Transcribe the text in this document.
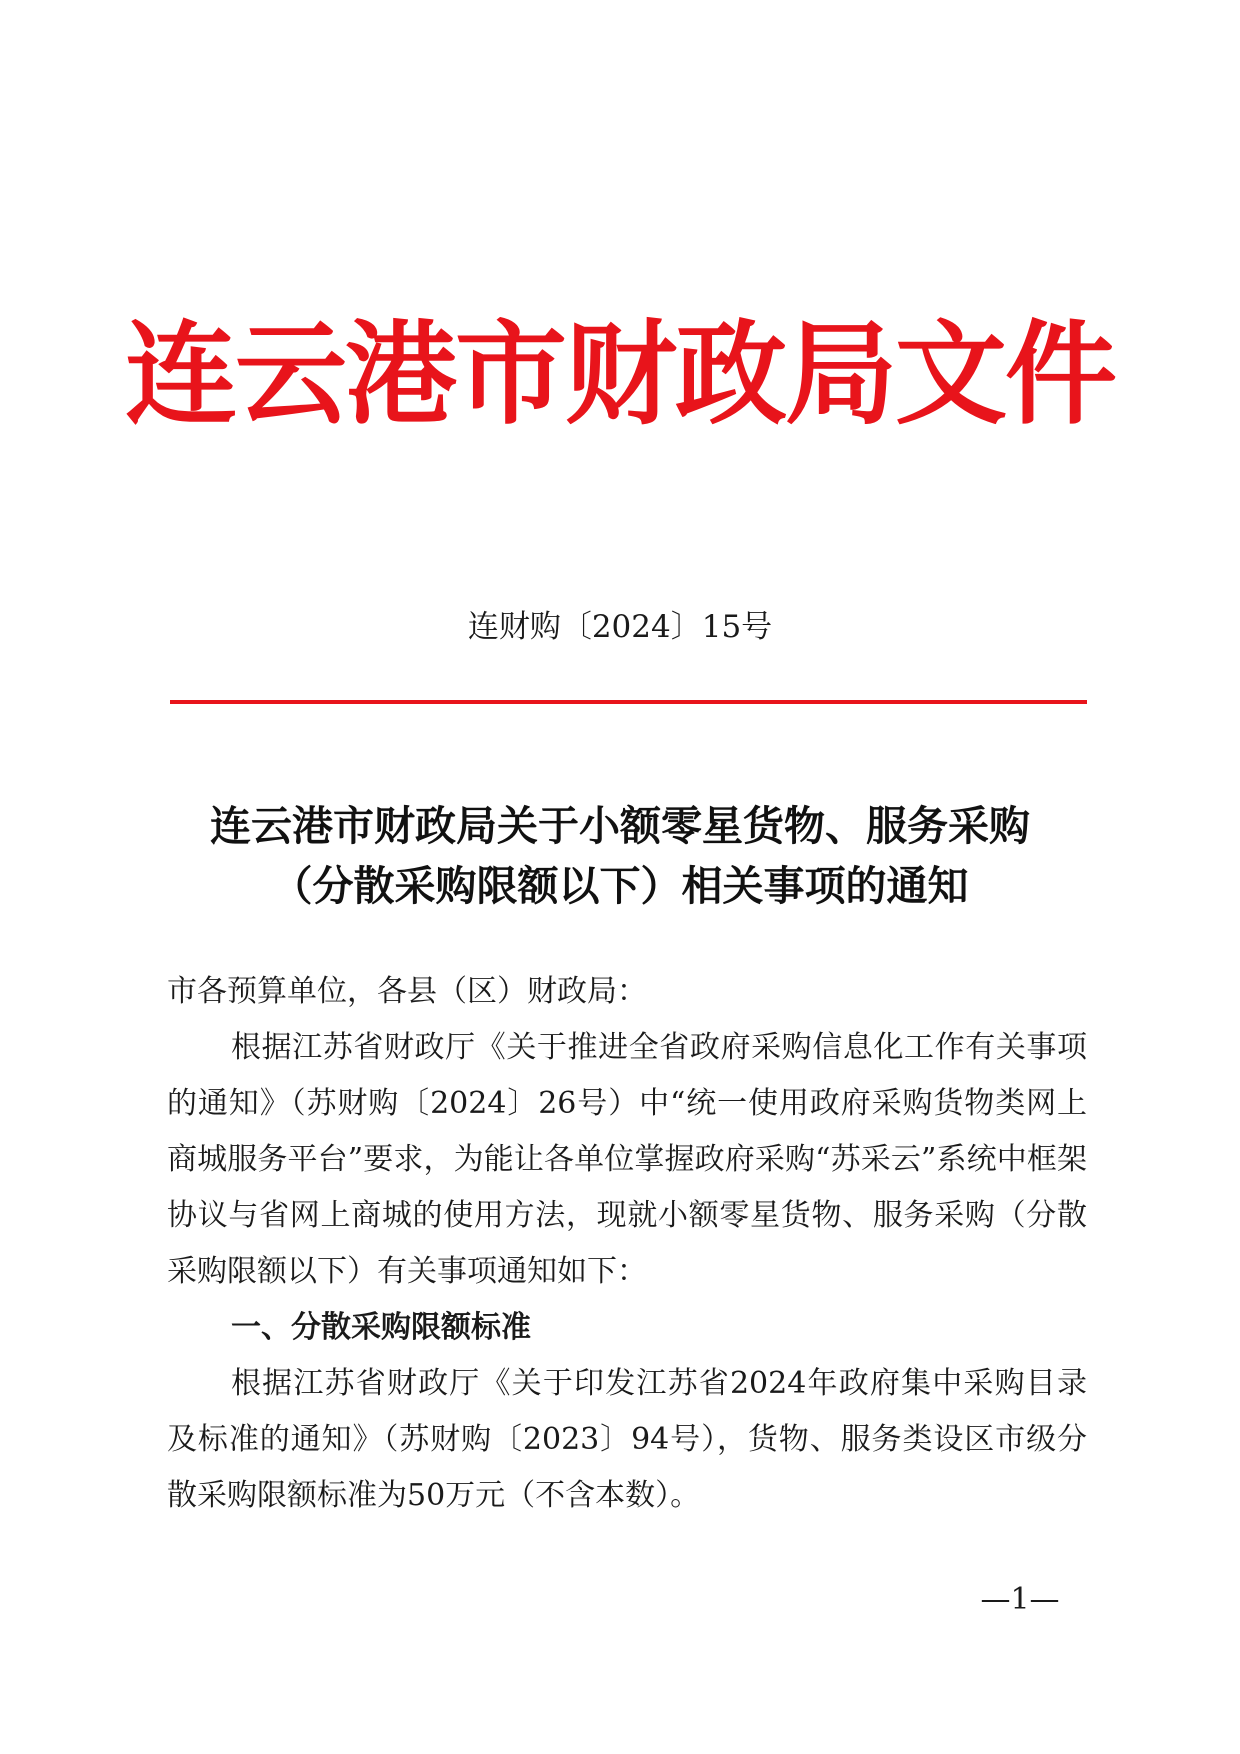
连云港市财政局文件
连财购〔2024〕15号
连云港市财政局关于小额零星货物、服务采购
（分散采购限额以下）相关事项的通知

市各预算单位，各县（区）财政局：

根据江苏省财政厅《关于推进全省政府采购信息化工作有关事项的通知》（苏财购〔2024〕26号）中“统一使用政府采购货物类网上商城服务平台”要求，为能让各单位掌握政府采购“苏采云”系统中框架协议与省网上商城的使用方法，现就小额零星货物、服务采购（分散采购限额以下）有关事项通知如下：

一、分散采购限额标准

根据江苏省财政厅《关于印发江苏省2024年政府集中采购目录及标准的通知》（苏财购〔2023〕94号），货物、服务类设区市级分散采购限额标准为50万元（不含本数）。

—1—
